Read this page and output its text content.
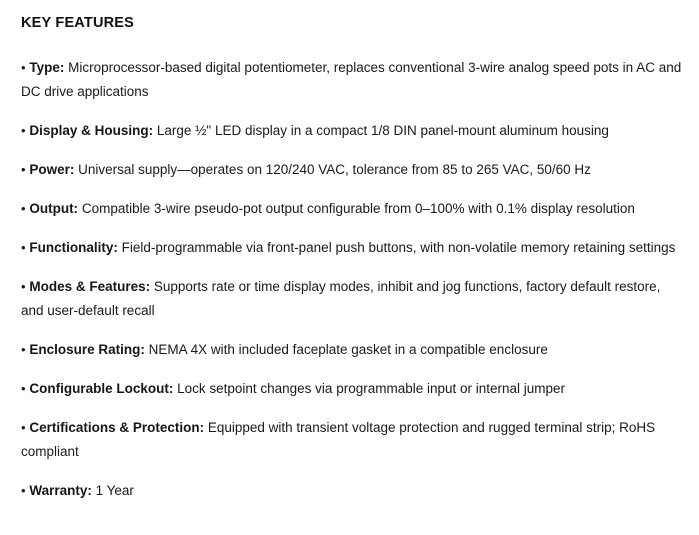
KEY FEATURES

• Type: Microprocessor-based digital potentiometer, replaces conventional 3-wire analog speed pots in AC and DC drive applications

• Display & Housing: Large ½" LED display in a compact 1/8 DIN panel-mount aluminum housing

• Power: Universal supply—operates on 120/240 VAC, tolerance from 85 to 265 VAC, 50/60 Hz

• Output: Compatible 3-wire pseudo-pot output configurable from 0–100% with 0.1% display resolution

• Functionality: Field-programmable via front-panel push buttons, with non-volatile memory retaining settings

• Modes & Features: Supports rate or time display modes, inhibit and jog functions, factory default restore, and user-default recall

• Enclosure Rating: NEMA 4X with included faceplate gasket in a compatible enclosure

• Configurable Lockout: Lock setpoint changes via programmable input or internal jumper

• Certifications & Protection: Equipped with transient voltage protection and rugged terminal strip; RoHS compliant

• Warranty: 1 Year
